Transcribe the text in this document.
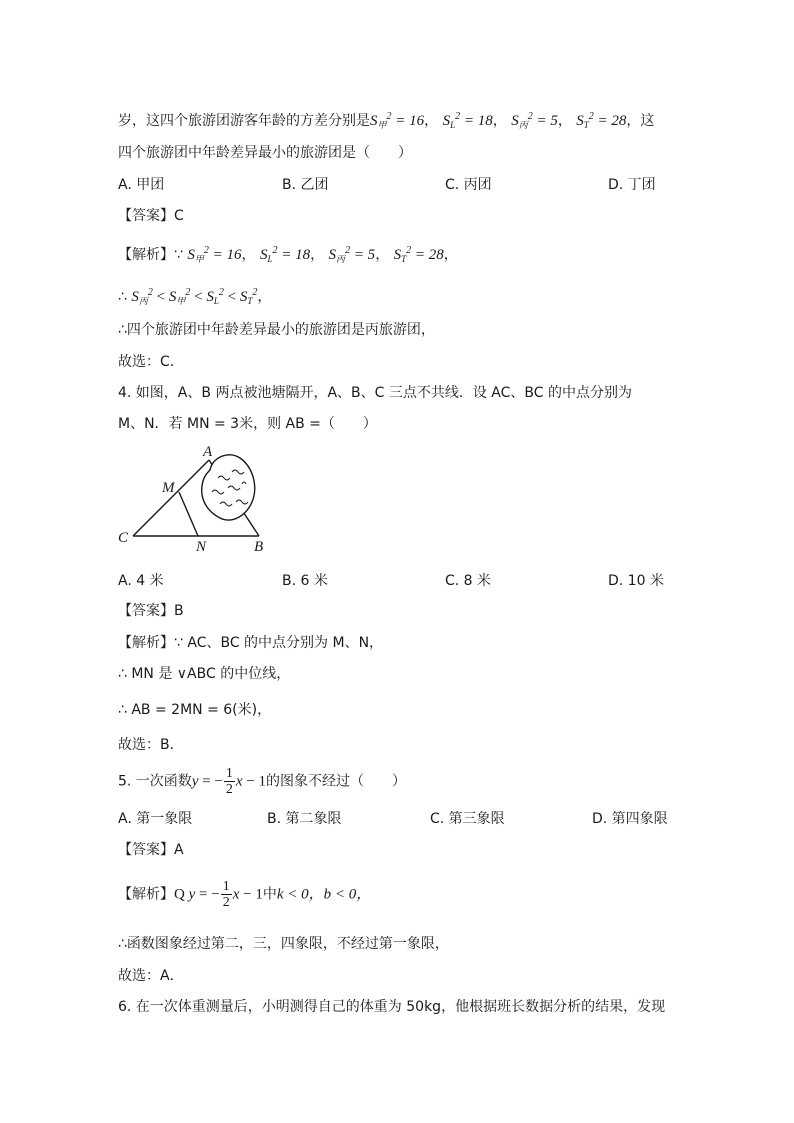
岁，这四个旅游团游客年龄的方差分别是$S_甲^2 = 16$， $S_L^2 = 18$， $S_丙^2 = 5$， $S_T^2 = 28$，这
四个旅游团中年龄差异最小的旅游团是（　　）
A. 甲团	B. 乙团	C. 丙团	D. 丁团
【答案】C
【解析】∵ $S_甲^2 = 16$， $S_L^2 = 18$， $S_丙^2 = 5$， $S_T^2 = 28$，
∴ $S_丙^2 < S_甲^2 < S_L^2 < S_T^2$，
∴四个旅游团中年龄差异最小的旅游团是丙旅游团，
故选：C．
4. 如图，A、B 两点被池塘隔开，A、B、C 三点不共线．设 AC、BC 的中点分别为
M、N．若 MN = 3米，则 AB =（　　）
A
M
C
N	B
A. 4 米	B. 6 米	C. 8 米	D. 10 米
【答案】B
【解析】∵ AC、BC 的中点分别为 M、N，
∴ MN 是 ∨ABC 的中位线，
∴ AB = 2MN = 6(米)，
故选：B．
5. 一次函数y = − $\frac{1}{2}$ x − 1的图象不经过（　　）
A. 第一象限	B. 第二象限	C. 第三象限	D. 第四象限
【答案】A
【解析】Q y = − $\frac{1}{2}$ x − 1中k < 0，b < 0，
∴函数图象经过第二，三，四象限，不经过第一象限，
故选：A．
6. 在一次体重测量后，小明测得自己的体重为 50kg，他根据班长数据分析的结果，发现
